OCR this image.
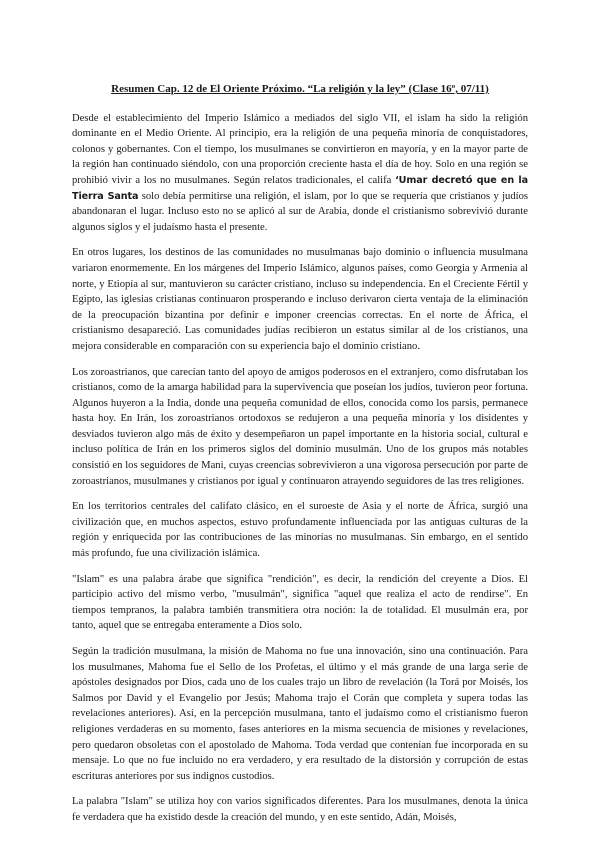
Resumen Cap. 12 de El Oriente Próximo. “La religión y la ley” (Clase 16º, 07/11)

Desde el establecimiento del Imperio Islámico a mediados del siglo VII, el islam ha sido la religión dominante en el Medio Oriente. Al principio, era la religión de una pequeña minoría de conquistadores, colonos y gobernantes. Con el tiempo, los musulmanes se convirtieron en mayoría, y en la mayor parte de la región han continuado siéndolo, con una proporción creciente hasta el día de hoy. Solo en una región se prohibió vivir a los no musulmanes. Según relatos tradicionales, el califa ‘Umar decretó que en la Tierra Santa solo debía permitirse una religión, el islam, por lo que se requería que cristianos y judíos abandonaran el lugar. Incluso esto no se aplicó al sur de Arabia, donde el cristianismo sobrevivió durante algunos siglos y el judaísmo hasta el presente.

En otros lugares, los destinos de las comunidades no musulmanas bajo dominio o influencia musulmana variaron enormemente. En los márgenes del Imperio Islámico, algunos países, como Georgia y Armenia al norte, y Etiopía al sur, mantuvieron su carácter cristiano, incluso su independencia. En el Creciente Fértil y Egipto, las iglesias cristianas continuaron prosperando e incluso derivaron cierta ventaja de la eliminación de la preocupación bizantina por definir e imponer creencias correctas. En el norte de África, el cristianismo desapareció. Las comunidades judías recibieron un estatus similar al de los cristianos, una mejora considerable en comparación con su experiencia bajo el dominio cristiano.

Los zoroastrianos, que carecían tanto del apoyo de amigos poderosos en el extranjero, como disfrutaban los cristianos, como de la amarga habilidad para la supervivencia que poseían los judíos, tuvieron peor fortuna. Algunos huyeron a la India, donde una pequeña comunidad de ellos, conocida como los parsis, permanece hasta hoy. En Irán, los zoroastrianos ortodoxos se redujeron a una pequeña minoría y los disidentes y desviados tuvieron algo más de éxito y desempeñaron un papel importante en la historia social, cultural e incluso política de Irán en los primeros siglos del dominio musulmán. Uno de los grupos más notables consistió en los seguidores de Mani, cuyas creencias sobrevivieron a una vigorosa persecución por parte de zoroastrianos, musulmanes y cristianos por igual y continuaron atrayendo seguidores de las tres religiones.

En los territorios centrales del califato clásico, en el suroeste de Asia y el norte de África, surgió una civilización que, en muchos aspectos, estuvo profundamente influenciada por las antiguas culturas de la región y enriquecida por las contribuciones de las minorías no musulmanas. Sin embargo, en el sentido más profundo, fue una civilización islámica.

"Islam" es una palabra árabe que significa "rendición", es decir, la rendición del creyente a Dios. El participio activo del mismo verbo, "musulmán", significa "aquel que realiza el acto de rendirse". En tiempos tempranos, la palabra también transmitiera otra noción: la de totalidad. El musulmán era, por tanto, aquel que se entregaba enteramente a Dios solo.

Según la tradición musulmana, la misión de Mahoma no fue una innovación, sino una continuación. Para los musulmanes, Mahoma fue el Sello de los Profetas, el último y el más grande de una larga serie de apóstoles designados por Dios, cada uno de los cuales trajo un libro de revelación (la Torá por Moisés, los Salmos por David y el Evangelio por Jesús; Mahoma trajo el Corán que completa y supera todas las revelaciones anteriores). Así, en la percepción musulmana, tanto el judaísmo como el cristianismo fueron religiones verdaderas en su momento, fases anteriores en la misma secuencia de misiones y revelaciones, pero quedaron obsoletas con el apostolado de Mahoma. Toda verdad que contenían fue incorporada en su mensaje. Lo que no fue incluido no era verdadero, y era resultado de la distorsión y corrupción de estas escrituras anteriores por sus indignos custodios.

La palabra "Islam" se utiliza hoy con varios significados diferentes. Para los musulmanes, denota la única fe verdadera que ha existido desde la creación del mundo, y en este sentido, Adán, Moisés,
